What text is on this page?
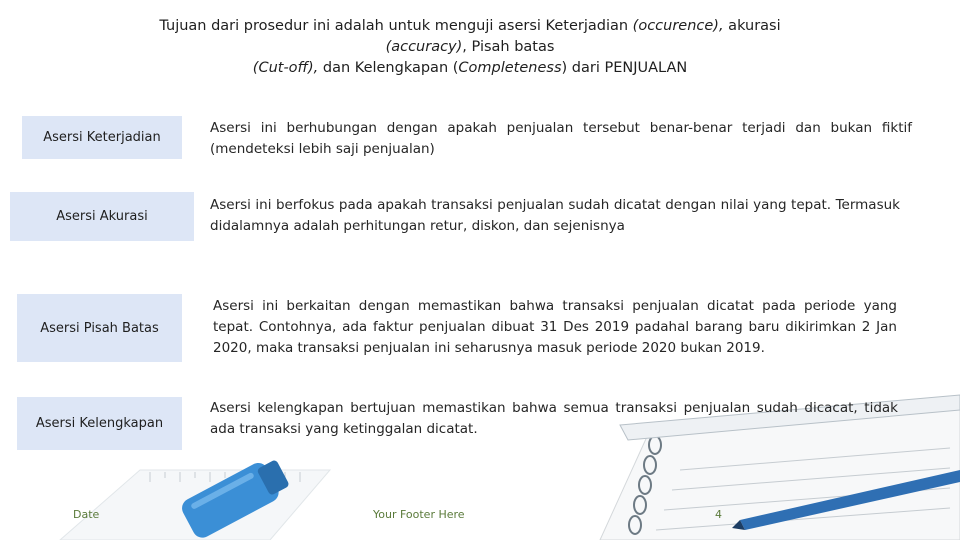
Tujuan dari prosedur ini adalah untuk menguji asersi Keterjadian (occurence), akurasi
(accuracy), Pisah batas
(Cut-off), dan Kelengkapan (Completeness) dari PENJUALAN
Asersi Keterjadian
Asersi ini berhubungan dengan apakah penjualan tersebut benar-benar terjadi dan bukan fiktif (mendeteksi lebih saji penjualan)
Asersi Akurasi
Asersi ini berfokus pada apakah transaksi penjualan sudah dicatat dengan nilai yang tepat. Termasuk didalamnya adalah perhitungan retur, diskon, dan sejenisnya
Asersi Pisah Batas
Asersi ini berkaitan dengan memastikan bahwa transaksi penjualan dicatat pada periode yang tepat. Contohnya, ada faktur penjualan dibuat 31 Des 2019 padahal barang baru dikirimkan 2 Jan 2020, maka transaksi penjualan ini seharusnya masuk periode 2020 bukan 2019.
Asersi Kelengkapan
Asersi kelengkapan bertujuan memastikan bahwa semua transaksi penjualan sudah dicacat, tidak ada transaksi yang ketinggalan dicatat.
Date	Your Footer Here	4
